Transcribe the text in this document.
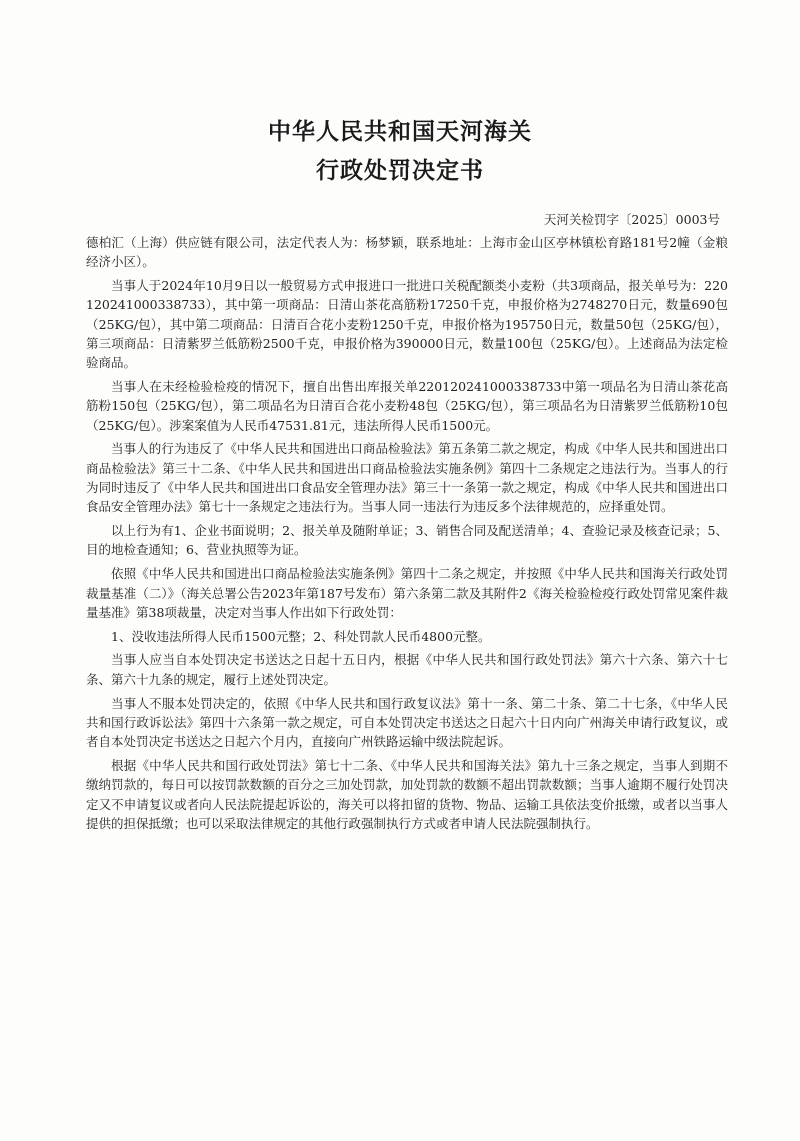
中华人民共和国天河海关
行政处罚决定书
天河关检罚字〔2025〕0003号

德柏汇（上海）供应链有限公司，法定代表人为：杨梦颖，联系地址：上海市金山区亭林镇松育路181号2幢（金粮经济小区）。

当事人于2024年10月9日以一般贸易方式申报进口一批进口关税配额类小麦粉（共3项商品，报关单号为：220120241000338733），其中第一项商品：日清山茶花高筋粉17250千克，申报价格为2748270日元，数量690包（25KG/包），其中第二项商品：日清百合花小麦粉1250千克，申报价格为195750日元，数量50包（25KG/包），第三项商品：日清紫罗兰低筋粉2500千克，申报价格为390000日元，数量100包（25KG/包）。上述商品为法定检验商品。

当事人在未经检验检疫的情况下，擅自出售出库报关单220120241000338733中第一项品名为日清山茶花高筋粉150包（25KG/包），第二项品名为日清百合花小麦粉48包（25KG/包），第三项品名为日清紫罗兰低筋粉10包（25KG/包）。涉案案值为人民币47531.81元，违法所得人民币1500元。

当事人的行为违反了《中华人民共和国进出口商品检验法》第五条第二款之规定，构成《中华人民共和国进出口商品检验法》第三十二条、《中华人民共和国进出口商品检验法实施条例》第四十二条规定之违法行为。当事人的行为同时违反了《中华人民共和国进出口食品安全管理办法》第三十一条第一款之规定，构成《中华人民共和国进出口食品安全管理办法》第七十一条规定之违法行为。当事人同一违法行为违反多个法律规范的，应择重处罚。

以上行为有1、企业书面说明；2、报关单及随附单证；3、销售合同及配送清单；4、查验记录及核查记录；5、目的地检查通知；6、营业执照等为证。

依照《中华人民共和国进出口商品检验法实施条例》第四十二条之规定，并按照《中华人民共和国海关行政处罚裁量基准（二）》（海关总署公告2023年第187号发布）第六条第二款及其附件2《海关检验检疫行政处罚常见案件裁量基准》第38项裁量，决定对当事人作出如下行政处罚：

1、没收违法所得人民币1500元整；2、科处罚款人民币4800元整。

当事人应当自本处罚决定书送达之日起十五日内，根据《中华人民共和国行政处罚法》第六十六条、第六十七条、第六十九条的规定，履行上述处罚决定。

当事人不服本处罚决定的，依照《中华人民共和国行政复议法》第十一条、第二十条、第二十七条，《中华人民共和国行政诉讼法》第四十六条第一款之规定，可自本处罚决定书送达之日起六十日内向广州海关申请行政复议，或者自本处罚决定书送达之日起六个月内，直接向广州铁路运输中级法院起诉。

根据《中华人民共和国行政处罚法》第七十二条、《中华人民共和国海关法》第九十三条之规定，当事人到期不缴纳罚款的，每日可以按罚款数额的百分之三加处罚款，加处罚款的数额不超出罚款数额；当事人逾期不履行处罚决定又不申请复议或者向人民法院提起诉讼的，海关可以将扣留的货物、物品、运输工具依法变价抵缴，或者以当事人提供的担保抵缴；也可以采取法律规定的其他行政强制执行方式或者申请人民法院强制执行。
